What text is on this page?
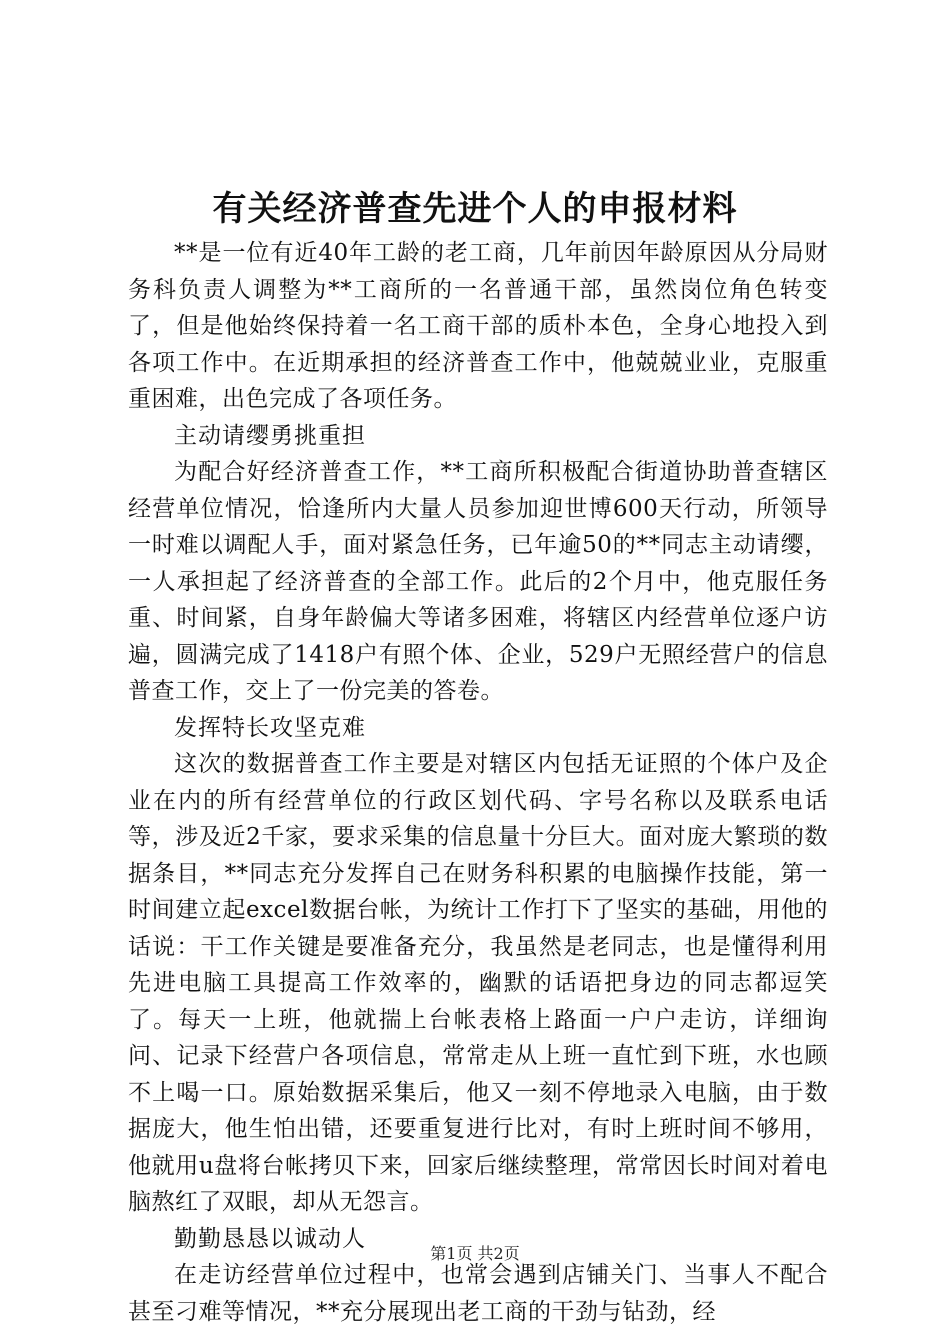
有关经济普查先进个人的申报材料

**是一位有近40年工龄的老工商，几年前因年龄原因从分局财务科负责人调整为**工商所的一名普通干部，虽然岗位角色转变了，但是他始终保持着一名工商干部的质朴本色，全身心地投入到各项工作中。在近期承担的经济普查工作中，他兢兢业业，克服重重困难，出色完成了各项任务。

主动请缨勇挑重担

为配合好经济普查工作，**工商所积极配合街道协助普查辖区经营单位情况，恰逢所内大量人员参加迎世博600天行动，所领导一时难以调配人手，面对紧急任务，已年逾50的**同志主动请缨，一人承担起了经济普查的全部工作。此后的2个月中，他克服任务重、时间紧，自身年龄偏大等诸多困难，将辖区内经营单位逐户访遍，圆满完成了1418户有照个体、企业，529户无照经营户的信息普查工作，交上了一份完美的答卷。

发挥特长攻坚克难

这次的数据普查工作主要是对辖区内包括无证照的个体户及企业在内的所有经营单位的行政区划代码、字号名称以及联系电话等，涉及近2千家，要求采集的信息量十分巨大。面对庞大繁琐的数据条目，**同志充分发挥自己在财务科积累的电脑操作技能，第一时间建立起excel数据台帐，为统计工作打下了坚实的基础，用他的话说：干工作关键是要准备充分，我虽然是老同志，也是懂得利用先进电脑工具提高工作效率的，幽默的话语把身边的同志都逗笑了。每天一上班，他就揣上台帐表格上路面一户户走访，详细询问、记录下经营户各项信息，常常走从上班一直忙到下班，水也顾不上喝一口。原始数据采集后，他又一刻不停地录入电脑，由于数据庞大，他生怕出错，还要重复进行比对，有时上班时间不够用，他就用u盘将台帐拷贝下来，回家后继续整理，常常因长时间对着电脑熬红了双眼，却从无怨言。

勤勤恳恳以诚动人

在走访经营单位过程中，也常会遇到店铺关门、当事人不配合甚至刁难等情况，**充分展现出老工商的干劲与钻劲，经

第1页 共2页
